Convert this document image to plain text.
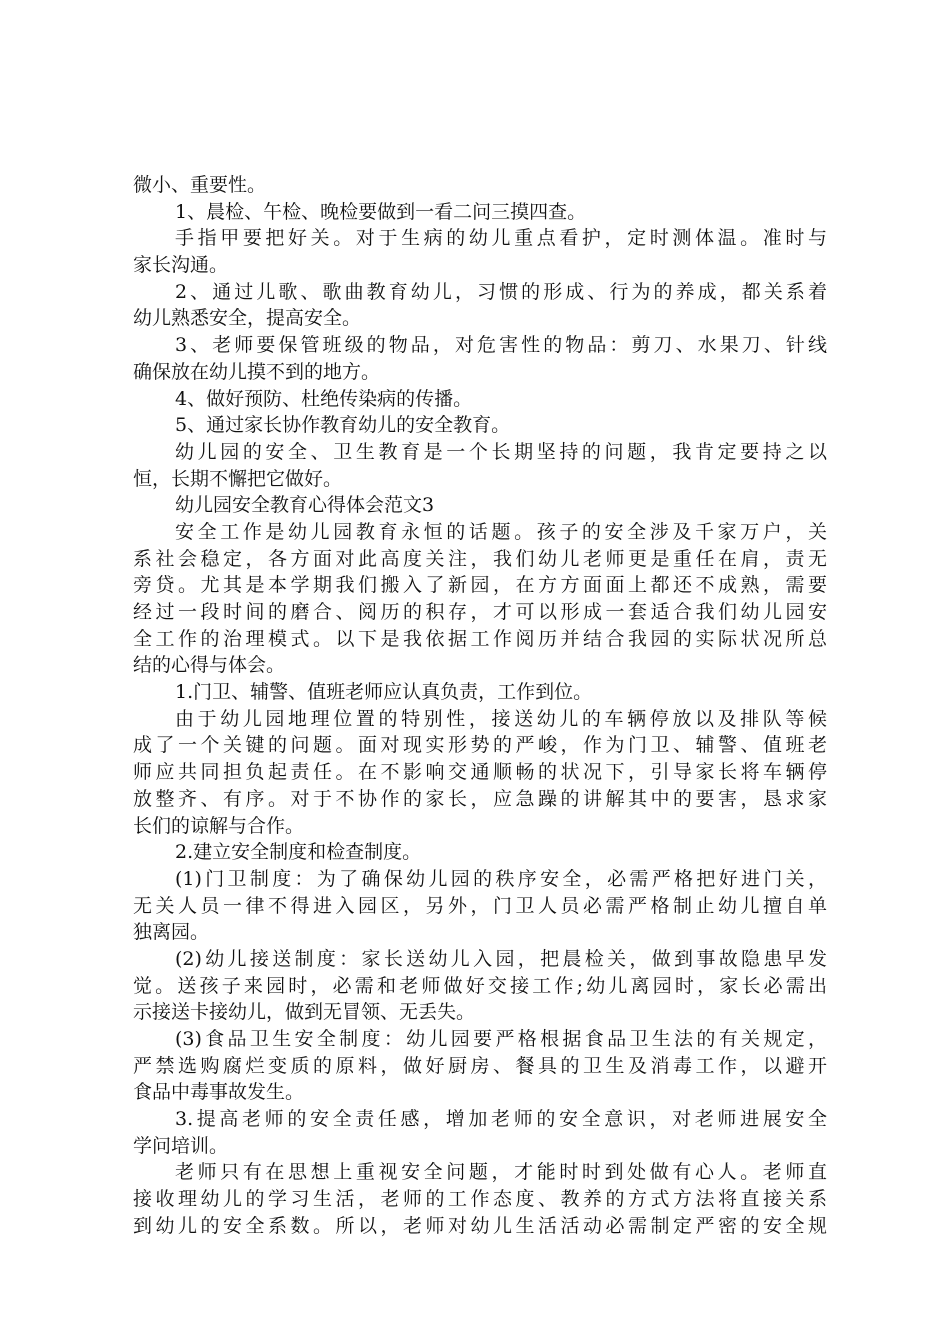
微小、重要性。
1、晨检、午检、晚检要做到一看二问三摸四查。
手指甲要把好关。对于生病的幼儿重点看护，定时测体温。准时与
家长沟通。
2、通过儿歌、歌曲教育幼儿，习惯的形成、行为的养成，都关系着
幼儿熟悉安全，提高安全。
3、老师要保管班级的物品，对危害性的物品：剪刀、水果刀、针线
确保放在幼儿摸不到的地方。
4、做好预防、杜绝传染病的传播。
5、通过家长协作教育幼儿的安全教育。
幼儿园的安全、卫生教育是一个长期坚持的问题，我肯定要持之以
恒，长期不懈把它做好。
幼儿园安全教育心得体会范文3
安全工作是幼儿园教育永恒的话题。孩子的安全涉及千家万户，关
系社会稳定，各方面对此高度关注，我们幼儿老师更是重任在肩，责无
旁贷。尤其是本学期我们搬入了新园，在方方面面上都还不成熟，需要
经过一段时间的磨合、阅历的积存，才可以形成一套适合我们幼儿园安
全工作的治理模式。以下是我依据工作阅历并结合我园的实际状况所总
结的心得与体会。
1.门卫、辅警、值班老师应认真负责，工作到位。
由于幼儿园地理位置的特别性，接送幼儿的车辆停放以及排队等候
成了一个关键的问题。面对现实形势的严峻，作为门卫、辅警、值班老
师应共同担负起责任。在不影响交通顺畅的状况下，引导家长将车辆停
放整齐、有序。对于不协作的家长，应急躁的讲解其中的要害，恳求家
长们的谅解与合作。
2.建立安全制度和检查制度。
(1)门卫制度：为了确保幼儿园的秩序安全，必需严格把好进门关，
无关人员一律不得进入园区，另外，门卫人员必需严格制止幼儿擅自单
独离园。
(2)幼儿接送制度：家长送幼儿入园，把晨检关，做到事故隐患早发
觉。送孩子来园时，必需和老师做好交接工作;幼儿离园时，家长必需出
示接送卡接幼儿，做到无冒领、无丢失。
(3)食品卫生安全制度：幼儿园要严格根据食品卫生法的有关规定，
严禁选购腐烂变质的原料，做好厨房、餐具的卫生及消毒工作，以避开
食品中毒事故发生。
3.提高老师的安全责任感，增加老师的安全意识，对老师进展安全
学问培训。
老师只有在思想上重视安全问题，才能时时到处做有心人。老师直
接收理幼儿的学习生活，老师的工作态度、教养的方式方法将直接关系
到幼儿的安全系数。所以，老师对幼儿生活活动必需制定严密的安全规
